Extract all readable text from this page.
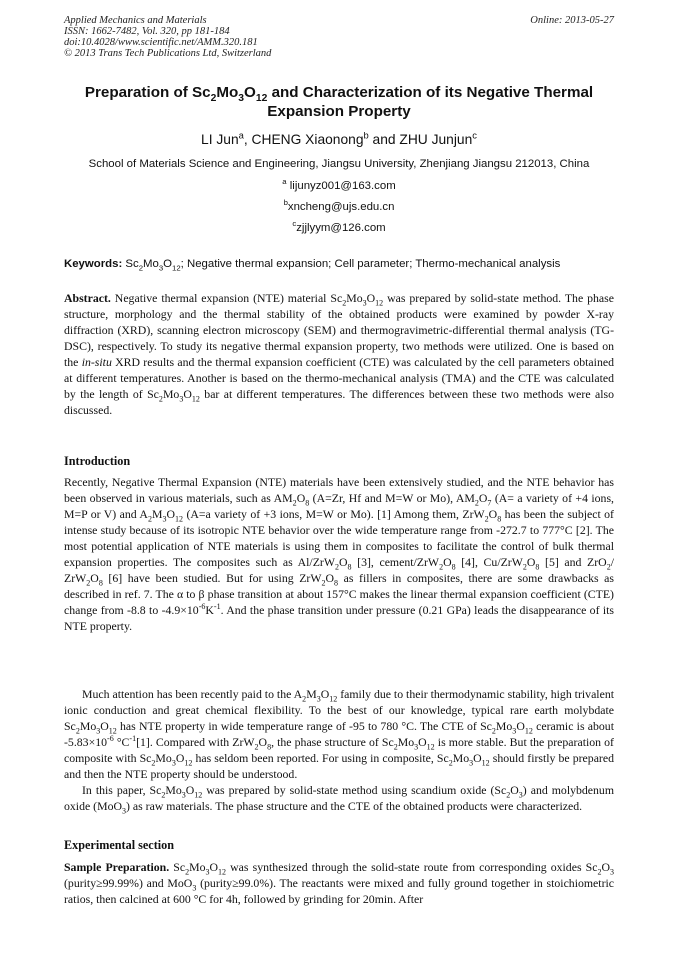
Applied Mechanics and Materials
ISSN: 1662-7482, Vol. 320, pp 181-184
doi:10.4028/www.scientific.net/AMM.320.181
© 2013 Trans Tech Publications Ltd, Switzerland
Online: 2013-05-27
Preparation of $Sc_2Mo_3O_{12}$ and Characterization of its Negative Thermal
Expansion Property
LI Jun$^a$, CHENG Xiaonong$^b$ and ZHU Junjun$^c$
School of Materials Science and Engineering, Jiangsu University, Zhenjiang Jiangsu 212013, China
$^a$ lijunyz001@163.com
$^b$xncheng@ujs.edu.cn
$^c$zjjlyym@126.com
Keywords: $Sc_2Mo_3O_{12}$; Negative thermal expansion; Cell parameter; Thermo-mechanical analysis
Abstract. Negative thermal expansion (NTE) material $Sc_2Mo_3O_{12}$ was prepared by solid-state method. The phase structure, morphology and the thermal stability of the obtained products were examined by powder X-ray diffraction (XRD), scanning electron microscopy (SEM) and thermogravimetric-differential thermal analysis (TG-DSC), respectively. To study its negative thermal expansion property, two methods were utilized. One is based on the in-situ XRD results and the thermal expansion coefficient (CTE) was calculated by the cell parameters obtained at different temperatures. Another is based on the thermo-mechanical analysis (TMA) and the CTE was calculated by the length of $Sc_2Mo_3O_{12}$ bar at different temperatures. The differences between these two methods were also discussed.
Introduction
Recently, Negative Thermal Expansion (NTE) materials have been extensively studied, and the NTE behavior has been observed in various materials, such as $AM_2O_8$ (A=Zr, Hf and M=W or Mo), $AM_2O_7$ (A= a variety of +4 ions, M=P or V) and $A_2M_3O_{12}$ (A=a variety of +3 ions, M=W or Mo). [1] Among them, $ZrW_2O_8$ has been the subject of intense study because of its isotropic NTE behavior over the wide temperature range from -272.7 to 777°C [2]. The most potential application of NTE materials is using them in composites to facilitate the control of bulk thermal expansion properties. The composites such as $Al/ZrW_2O_8$ [3], cement/$ZrW_2O_8$ [4], $Cu/ZrW_2O_8$ [5] and ZrO$_2$/ $ZrW_2O_8$ [6] have been studied. But for using $ZrW_2O_8$ as fillers in composites, there are some drawbacks as described in ref. 7. The α to β phase transition at about 157°C makes the linear thermal expansion coefficient (CTE) change from -8.8 to $-4.9\times 10^{-6}K^{-1}$. And the phase transition under pressure (0.21 GPa) leads the disappearance of its NTE property.
Much attention has been recently paid to the $A_2M_3O_{12}$ family due to their thermodynamic stability, high trivalent ionic conduction and great chemical flexibility. To the best of our knowledge, typical rare earth molybdate $Sc_2Mo_3O_{12}$ has NTE property in wide temperature range of -95 to 780 °C. The CTE of $Sc_2Mo_3O_{12}$ ceramic is about $-5.83\times 10^{-6}$ $^\circ C^{-1}[1]$. Compared with $ZrW_2O_8$, the phase structure of $Sc_2Mo_3O_{12}$ is more stable. But the preparation of composite with $Sc_2Mo_3O_{12}$ has seldom been reported. For using in composite, $Sc_2Mo_3O_{12}$ should firstly be prepared and then the NTE property should be understood.
In this paper, $Sc_2Mo_3O_{12}$ was prepared by solid-state method using scandium oxide $(Sc_2O_3)$ and molybdenum oxide (MoO$_3$) as raw materials. The phase structure and the CTE of the obtained products were characterized.
Experimental section
Sample Preparation. $Sc_2Mo_3O_{12}$ was synthesized through the solid-state route from corresponding oxides $Sc_2O_3$ (purity≥99.99%) and MoO$_3$ (purity≥99.0%). The reactants were mixed and fully ground together in stoichiometric ratios, then calcined at 600 °C for 4h, followed by grinding for 20min. After
